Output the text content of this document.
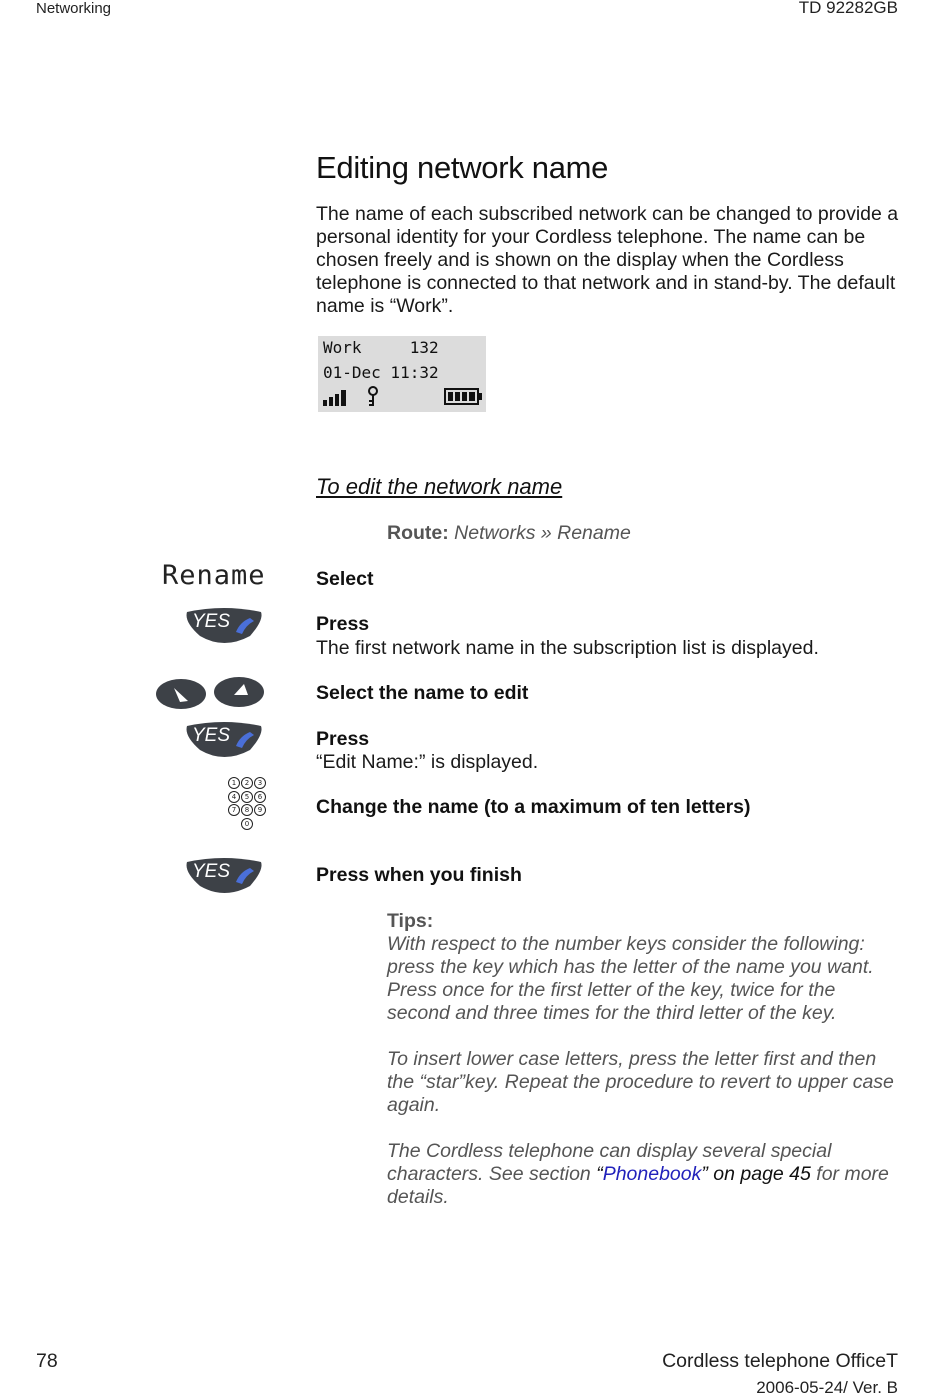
Networking	TD 92282GB
Editing network name
The name of each subscribed network can be changed to provide a personal identity for your Cordless telephone. The name can be chosen freely and is shown on the display when the Cordless telephone is connected to that network and in stand-by. The default name is “Work”.
Work     132
01-Dec 11:32
To edit the network name
Route: Networks » Rename
Rename	Select
YES	Press
The first network name in the subscription list is displayed.
Select the name to edit
YES	Press
“Edit Name:” is displayed.
1	2	3
4	5	6
7	8	9
0
Change the name (to a maximum of ten letters)
YES	Press when you finish
Tips:

With respect to the number keys consider the following: press the key which has the letter of the name you want. Press once for the first letter of the key, twice for the second and three times for the third letter of the key.

To insert lower case letters, press the letter first and then the “star”key. Repeat the procedure to revert to upper case again.

The Cordless telephone can display several special characters. See section “Phonebook” on page 45 for more details.

78	Cordless telephone OfficeT
2006-05-24/ Ver. B
